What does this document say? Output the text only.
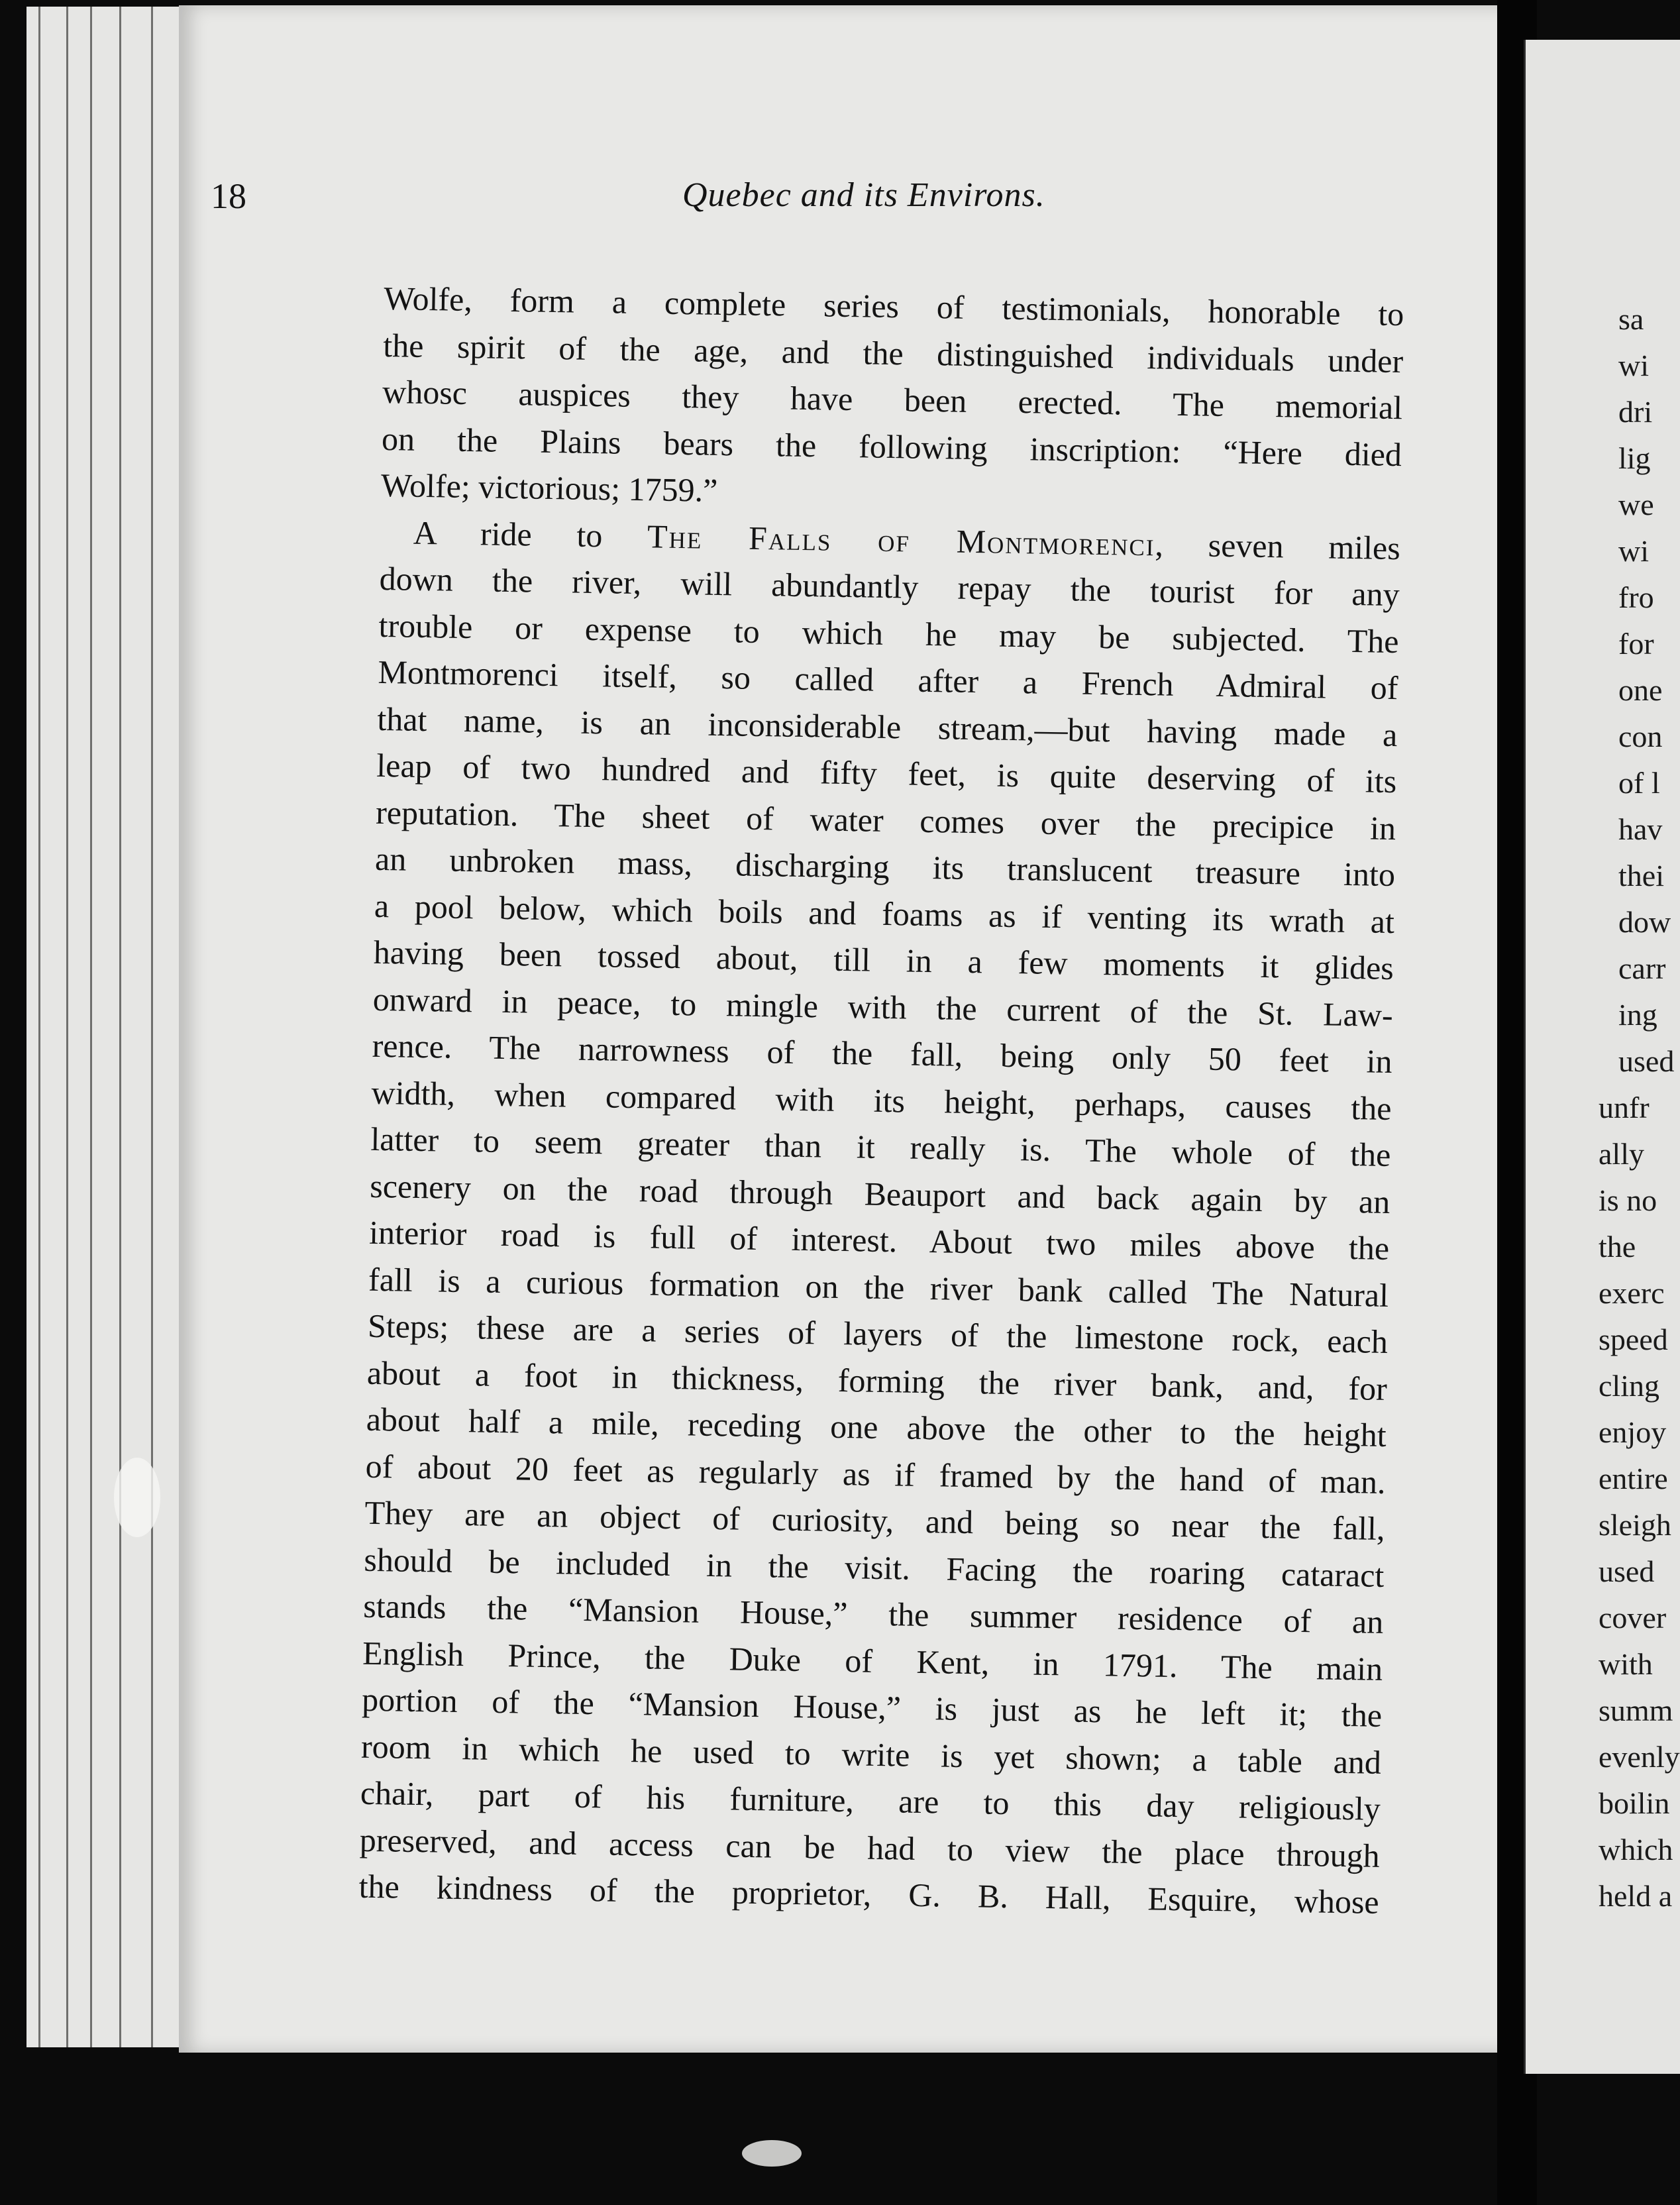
18	Quebec and its Environs.
Wolfe, form a complete series of testimonials, honorable to
the spirit of the age, and the distinguished individuals under
whosc auspices they have been erected. The memorial
on the Plains bears the following inscription: “Here died
Wolfe; victorious; 1759.”
A ride to The Falls of Montmorenci, seven miles
down the river, will abundantly repay the tourist for any
trouble or expense to which he may be subjected. The
Montmorenci itself, so called after a French Admiral of
that name, is an inconsiderable stream,—but having made a
leap of two hundred and fifty feet, is quite deserving of its
reputation. The sheet of water comes over the precipice in
an unbroken mass, discharging its translucent treasure into
a pool below, which boils and foams as if venting its wrath at
having been tossed about, till in a few moments it glides
onward in peace, to mingle with the current of the St. Law-
rence. The narrowness of the fall, being only 50 feet in
width, when compared with its height, perhaps, causes the
latter to seem greater than it really is. The whole of the
scenery on the road through Beauport and back again by an
interior road is full of interest. About two miles above the
fall is a curious formation on the river bank called The Natural
Steps; these are a series of layers of the limestone rock, each
about a foot in thickness, forming the river bank, and, for
about half a mile, receding one above the other to the height
of about 20 feet as regularly as if framed by the hand of man.
They are an object of curiosity, and being so near the fall,
should be included in the visit. Facing the roaring cataract
stands the “Mansion House,” the summer residence of an
English Prince, the Duke of Kent, in 1791. The main
portion of the “Mansion House,” is just as he left it; the
room in which he used to write is yet shown; a table and
chair, part of his furniture, are to this day religiously
preserved, and access can be had to view the place through
the kindness of the proprietor, G. B. Hall, Esquire, whose
sa
wi
dri
lig
we
wi
fro
for
one
con
of l
hav
thei
dow
carr
ing
used
unfr
ally
is no
the
exerc
speed
cling
enjoy
entire
sleigh
used
cover
with
summ
evenly
boilin
which
held a
